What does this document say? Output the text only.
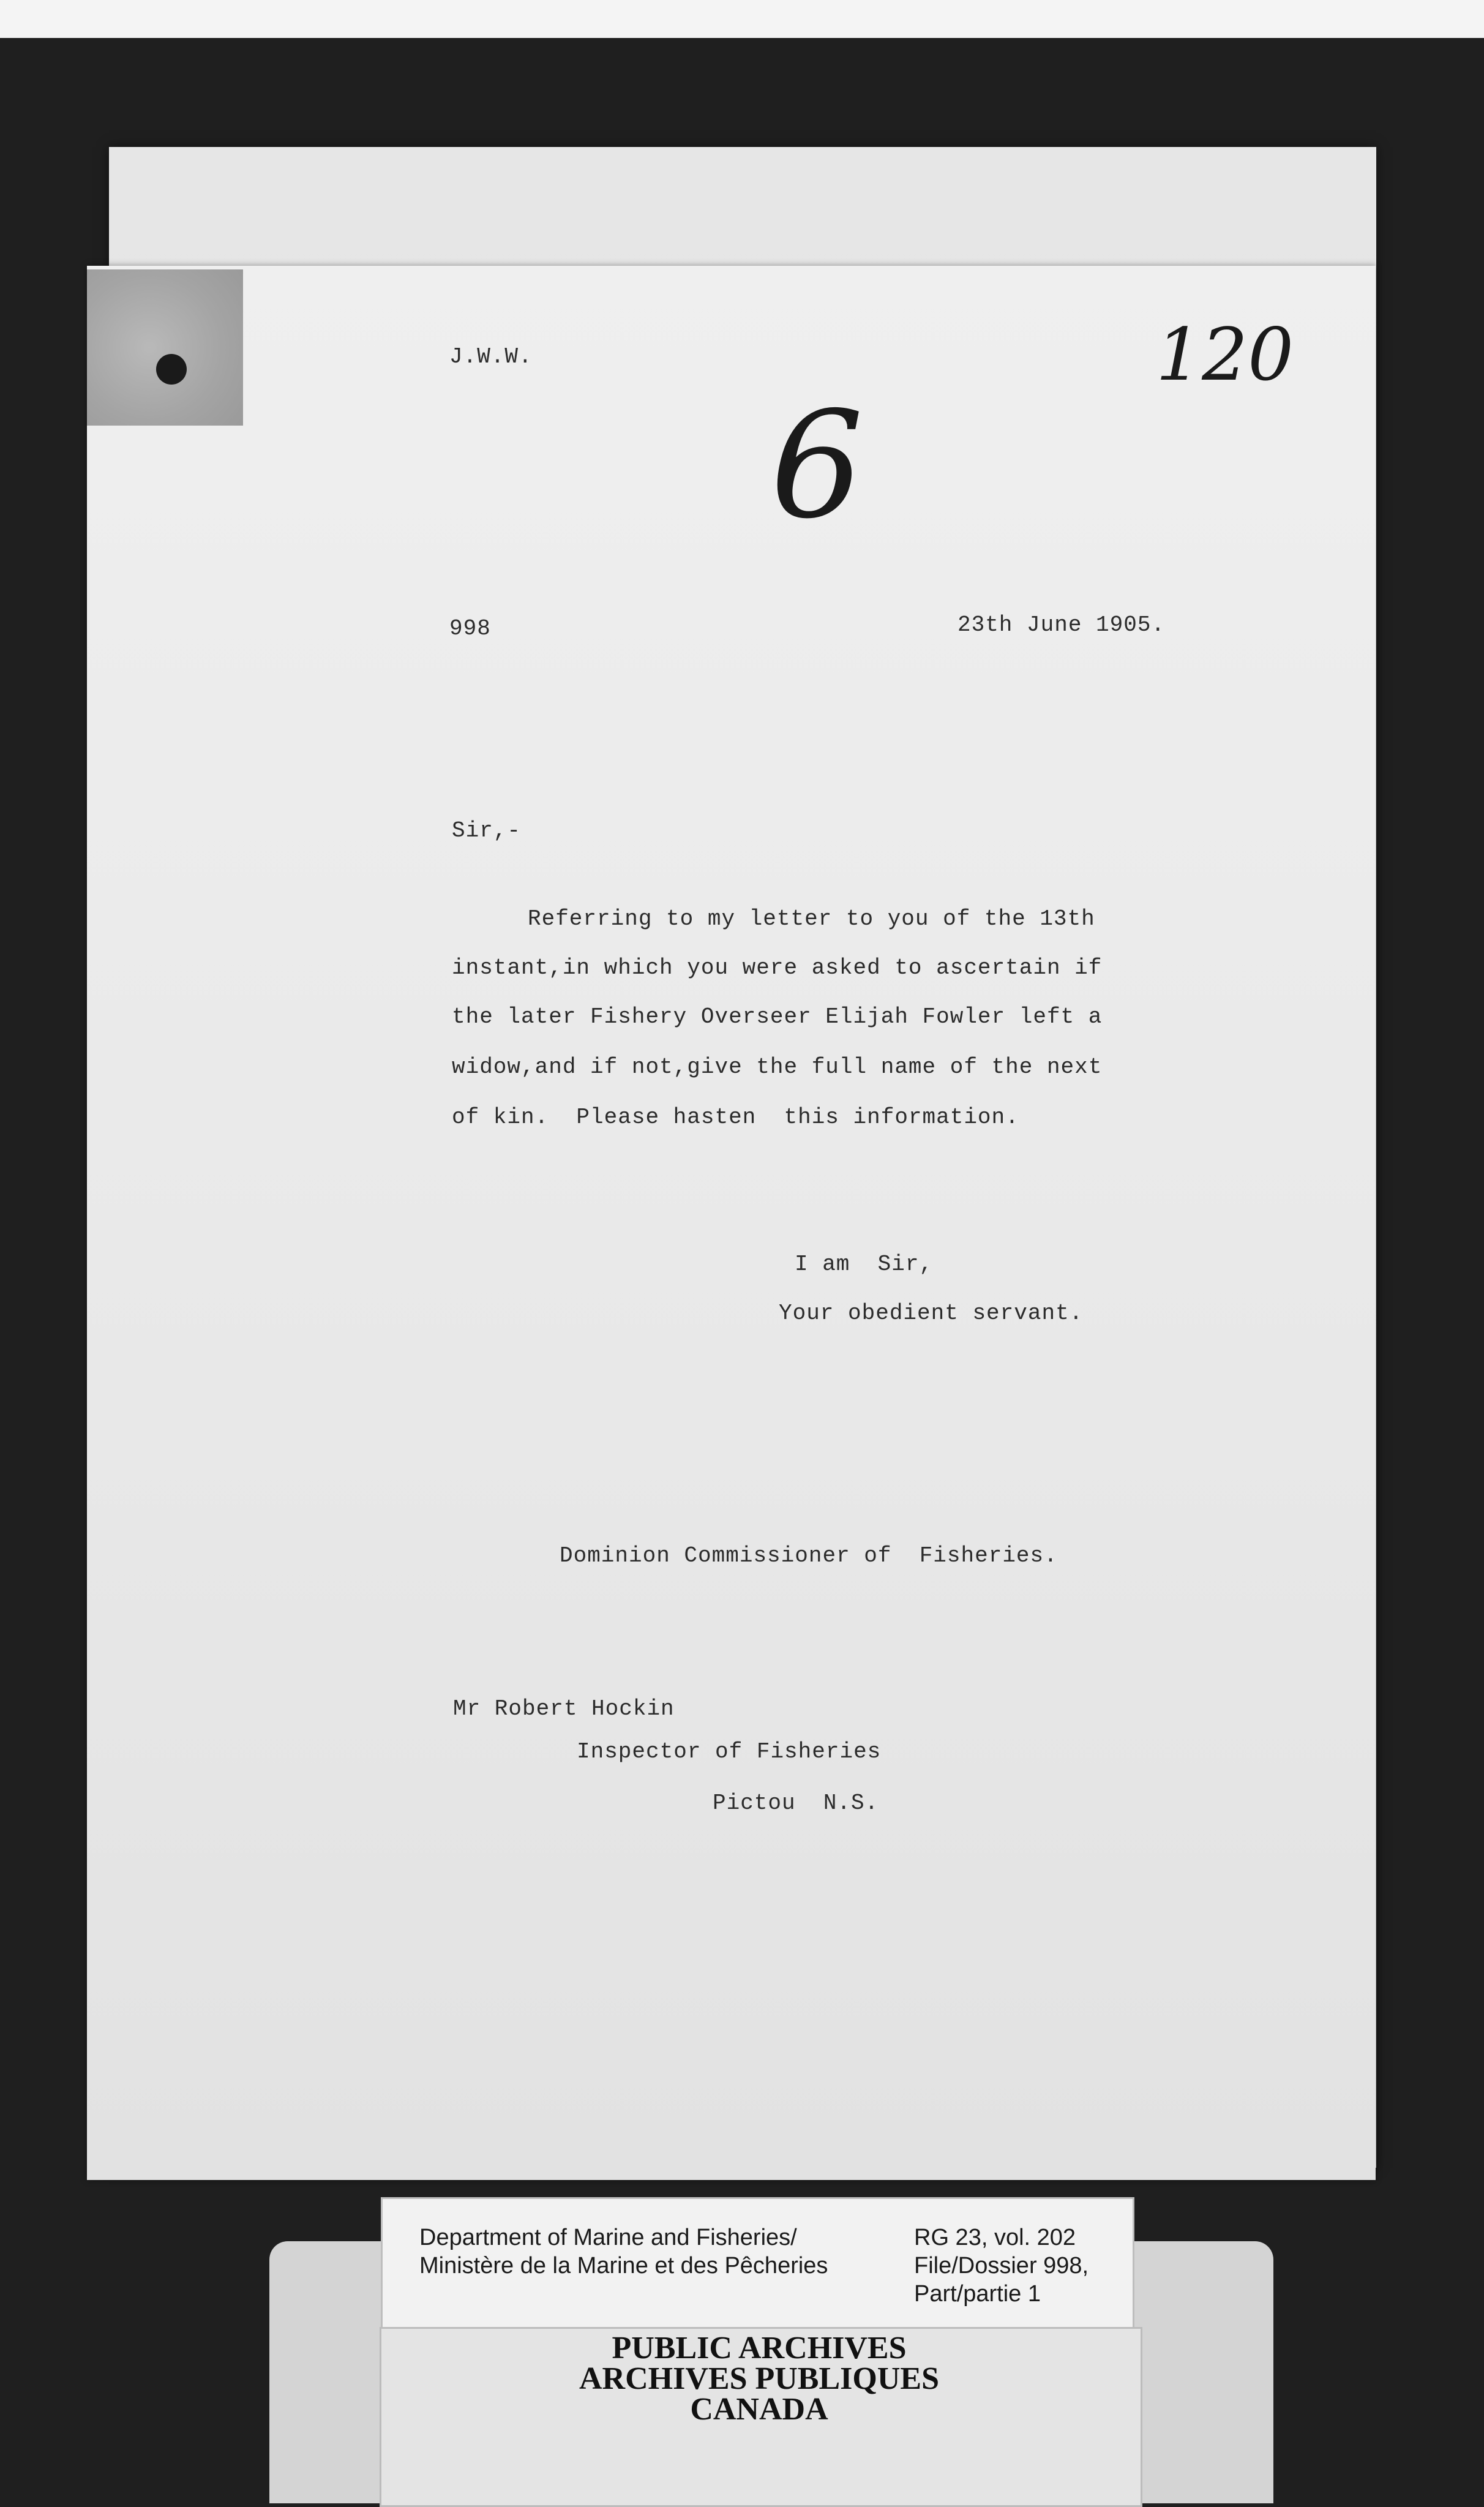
J.W.W.	120
6
998	23th June 1905.
Sir,-
Referring to my letter to you of the 13th
instant,in which you were asked to ascertain if
the later Fishery Overseer Elijah Fowler left a
widow,and if not,give the full name of the next
of kin.  Please hasten  this information.
I am  Sir,
Your obedient servant.
Dominion Commissioner of  Fisheries.
Mr Robert Hockin
Inspector of Fisheries
Pictou  N.S.
Department of Marine and Fisheries/
Ministère de la Marine et des Pêcheries
RG 23, vol. 202
File/Dossier 998,
Part/partie 1
PUBLIC ARCHIVES
ARCHIVES PUBLIQUES
CANADA
